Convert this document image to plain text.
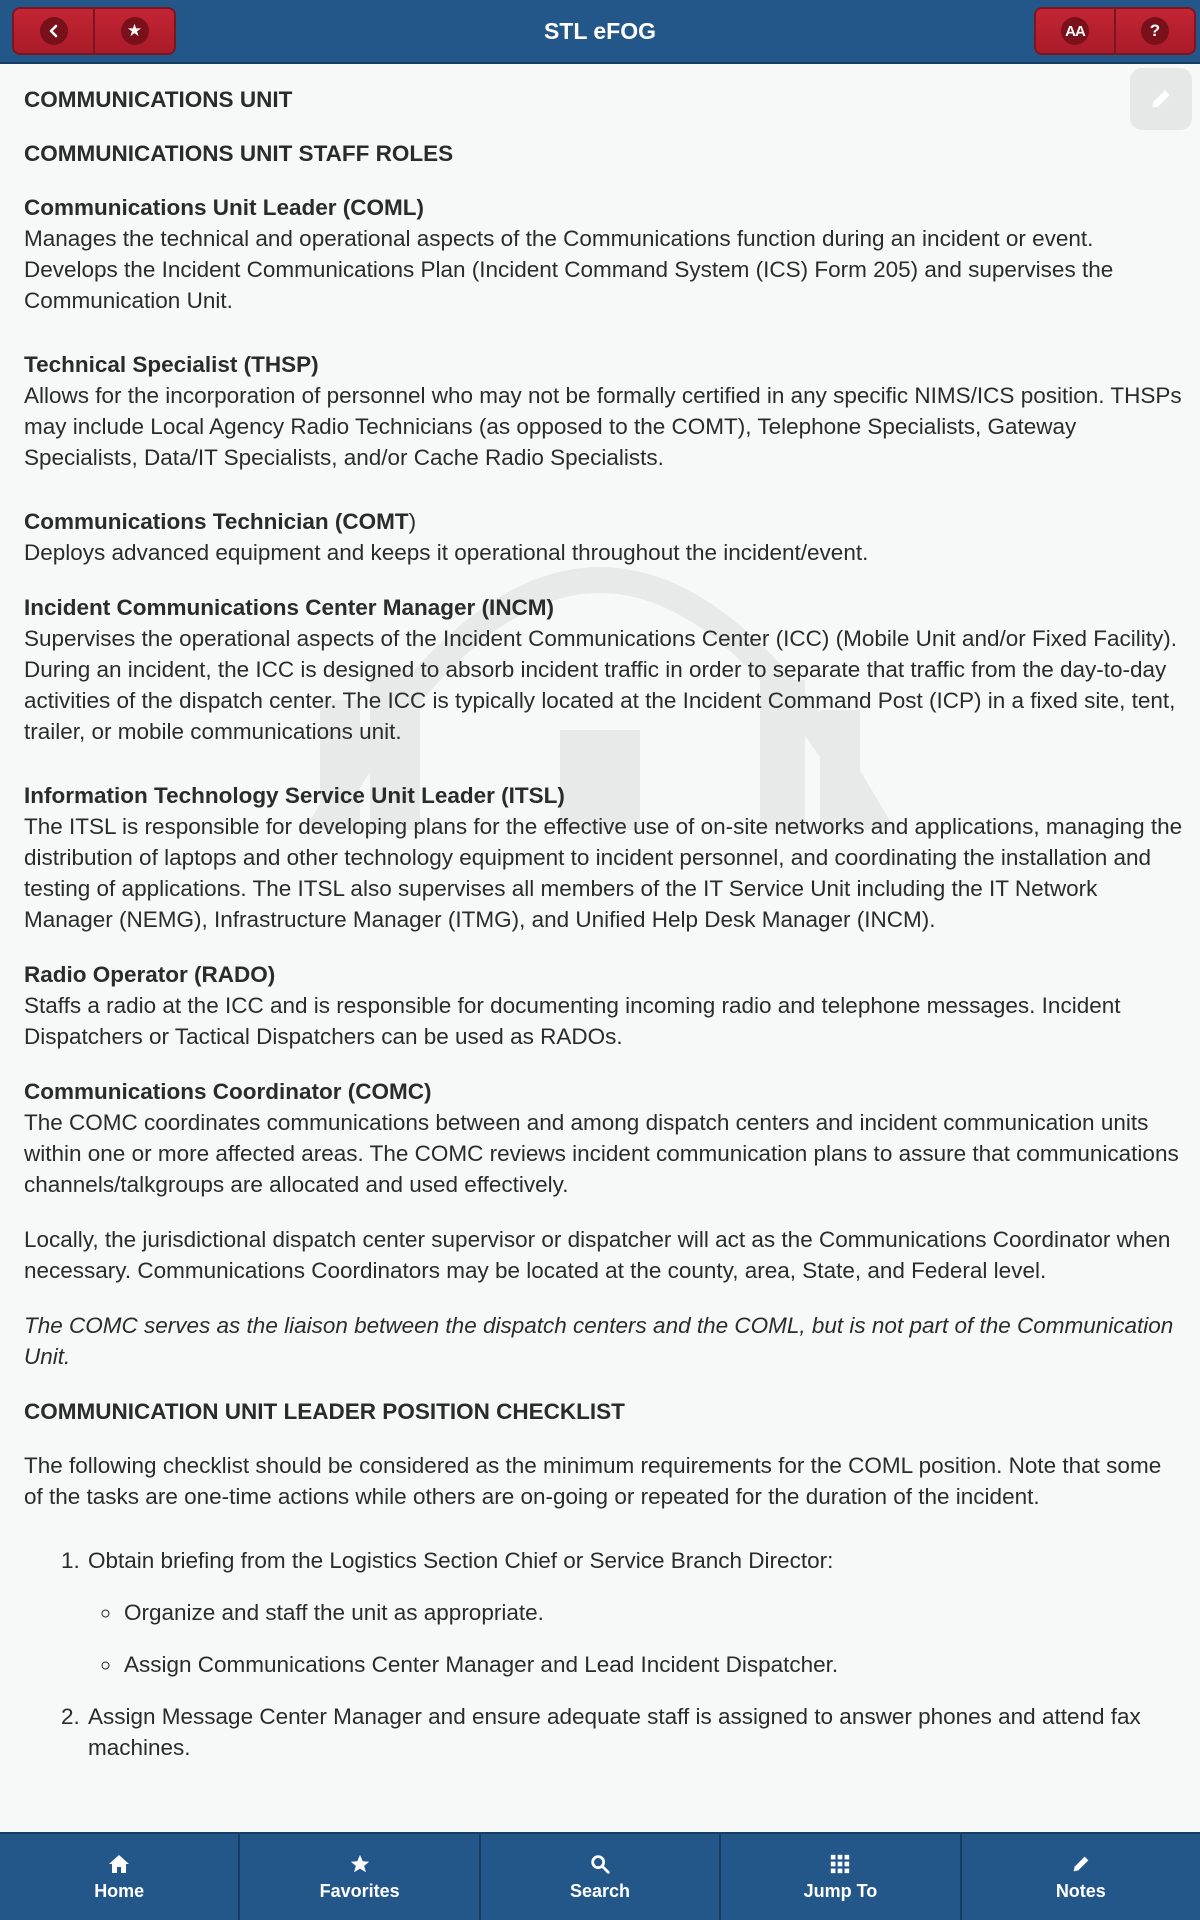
★	STL eFOG	AA	?

COMMUNICATIONS UNIT

COMMUNICATIONS UNIT STAFF ROLES

Communications Unit Leader (COML)

Manages the technical and operational aspects of the Communications function during an incident or event. Develops the Incident Communications Plan (Incident Command System (ICS) Form 205) and supervises the Communication Unit.

Technical Specialist (THSP)

Allows for the incorporation of personnel who may not be formally certified in any specific NIMS/ICS position. THSPs may include Local Agency Radio Technicians (as opposed to the COMT), Telephone Specialists, Gateway Specialists, Data/IT Specialists, and/or Cache Radio Specialists.

Communications Technician (COMT)

Deploys advanced equipment and keeps it operational throughout the incident/event.

Incident Communications Center Manager (INCM)

Supervises the operational aspects of the Incident Communications Center (ICC) (Mobile Unit and/or Fixed Facility). During an incident, the ICC is designed to absorb incident traffic in order to separate that traffic from the day-to-day activities of the dispatch center. The ICC is typically located at the Incident Command Post (ICP) in a fixed site, tent, trailer, or mobile communications unit.

Information Technology Service Unit Leader (ITSL)

The ITSL is responsible for developing plans for the effective use of on-site networks and applications, managing the distribution of laptops and other technology equipment to incident personnel, and coordinating the installation and testing of applications. The ITSL also supervises all members of the IT Service Unit including the IT Network Manager (NEMG), Infrastructure Manager (ITMG), and Unified Help Desk Manager (INCM).

Radio Operator (RADO)

Staffs a radio at the ICC and is responsible for documenting incoming radio and telephone messages. Incident Dispatchers or Tactical Dispatchers can be used as RADOs.

Communications Coordinator (COMC)

The COMC coordinates communications between and among dispatch centers and incident communication units within one or more affected areas. The COMC reviews incident communication plans to assure that communications channels/talkgroups are allocated and used effectively.

Locally, the jurisdictional dispatch center supervisor or dispatcher will act as the Communications Coordinator when necessary. Communications Coordinators may be located at the county, area, State, and Federal level.

The COMC serves as the liaison between the dispatch centers and the COML, but is not part of the Communication Unit.

COMMUNICATION UNIT LEADER POSITION CHECKLIST

The following checklist should be considered as the minimum requirements for the COML position. Note that some of the tasks are one-time actions while others are on-going or repeated for the duration of the incident.

1. Obtain briefing from the Logistics Section Chief or Service Branch Director:
◦ Organize and staff the unit as appropriate.
◦ Assign Communications Center Manager and Lead Incident Dispatcher.
2. Assign Message Center Manager and ensure adequate staff is assigned to answer phones and attend fax machines.
Home	Favorites	Search	Jump To	Notes
